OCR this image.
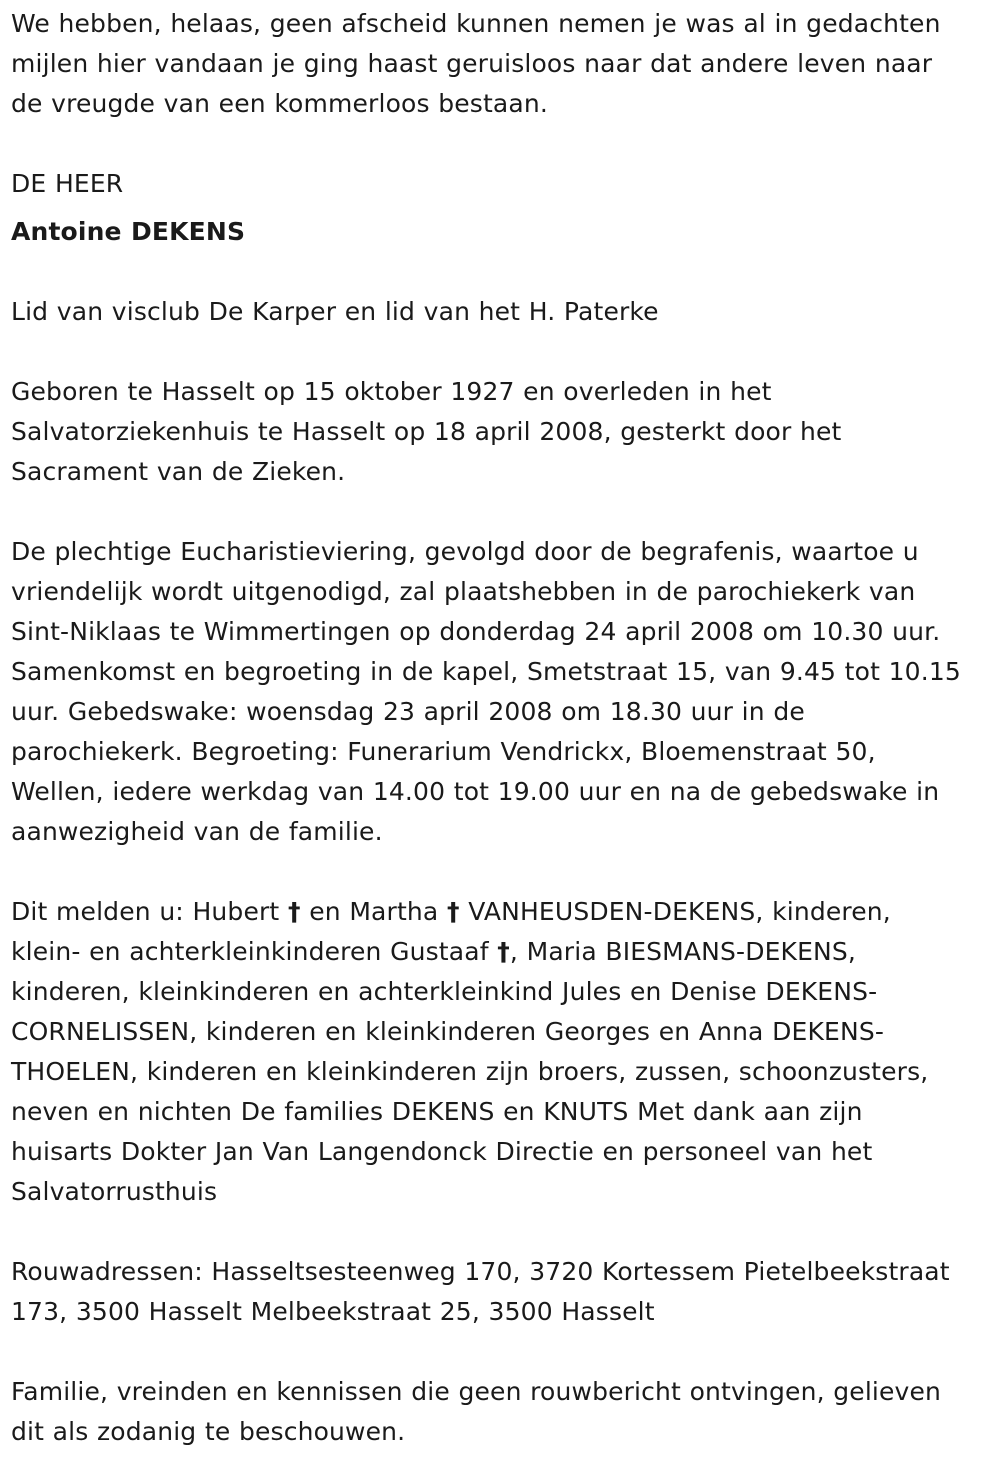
We hebben, helaas, geen afscheid kunnen nemen je was al in gedachten
mijlen hier vandaan je ging haast geruisloos naar dat andere leven naar
de vreugde van een kommerloos bestaan.
DE HEER
Antoine DEKENS
Lid van visclub De Karper en lid van het H. Paterke
Geboren te Hasselt op 15 oktober 1927 en overleden in het
Salvatorziekenhuis te Hasselt op 18 april 2008, gesterkt door het
Sacrament van de Zieken.
De plechtige Eucharistieviering, gevolgd door de begrafenis, waartoe u
vriendelijk wordt uitgenodigd, zal plaatshebben in de parochiekerk van
Sint-Niklaas te Wimmertingen op donderdag 24 april 2008 om 10.30 uur.
Samenkomst en begroeting in de kapel, Smetstraat 15, van 9.45 tot 10.15
uur. Gebedswake: woensdag 23 april 2008 om 18.30 uur in de
parochiekerk. Begroeting: Funerarium Vendrickx, Bloemenstraat 50,
Wellen, iedere werkdag van 14.00 tot 19.00 uur en na de gebedswake in
aanwezigheid van de familie.
Dit melden u: Hubert † en Martha † VANHEUSDEN-DEKENS, kinderen,
klein- en achterkleinkinderen Gustaaf †, Maria BIESMANS-DEKENS,
kinderen, kleinkinderen en achterkleinkind Jules en Denise DEKENS-
CORNELISSEN, kinderen en kleinkinderen Georges en Anna DEKENS-
THOELEN, kinderen en kleinkinderen zijn broers, zussen, schoonzusters,
neven en nichten De families DEKENS en KNUTS Met dank aan zijn
huisarts Dokter Jan Van Langendonck Directie en personeel van het
Salvatorrusthuis
Rouwadressen: Hasseltsesteenweg 170, 3720 Kortessem Pietelbeekstraat
173, 3500 Hasselt Melbeekstraat 25, 3500 Hasselt
Familie, vreinden en kennissen die geen rouwbericht ontvingen, gelieven
dit als zodanig te beschouwen.
